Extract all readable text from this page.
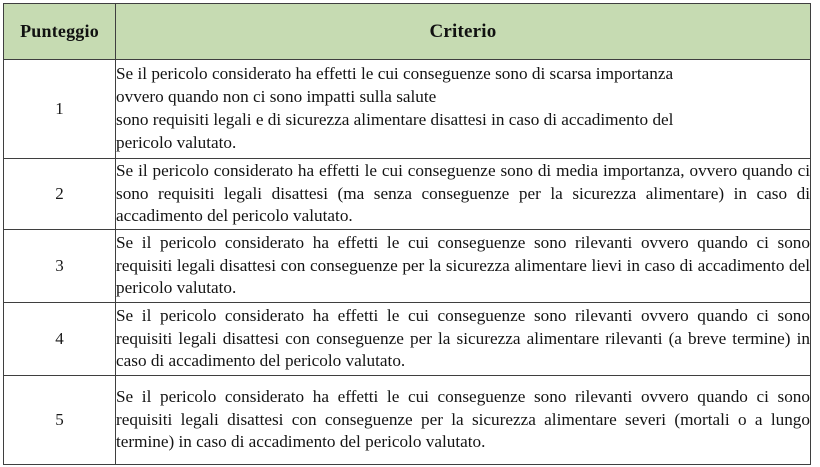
Punteggio	Criterio
1	Se il pericolo considerato ha effetti le cui conseguenze sono di scarsa importanza
ovvero quando non ci sono impatti sulla salute
sono requisiti legali e di sicurezza alimentare disattesi in caso di accadimento del
pericolo valutato.

2	Se il pericolo considerato ha effetti le cui conseguenze sono di media importanza, ovvero quando ci sono requisiti legali disattesi (ma senza conseguenze per la sicurezza alimentare) in caso di accadimento del pericolo valutato.

3	Se il pericolo considerato ha effetti le cui conseguenze sono rilevanti ovvero quando ci sono requisiti legali disattesi con conseguenze per la sicurezza alimentare lievi in caso di accadimento del pericolo valutato.

4	Se il pericolo considerato ha effetti le cui conseguenze sono rilevanti ovvero quando ci sono requisiti legali disattesi con conseguenze per la sicurezza alimentare rilevanti (a breve termine) in caso di accadimento del pericolo valutato.

5	Se il pericolo considerato ha effetti le cui conseguenze sono rilevanti ovvero quando ci sono requisiti legali disattesi con conseguenze per la sicurezza alimentare severi (mortali o a lungo termine) in caso di accadimento del pericolo valutato.
